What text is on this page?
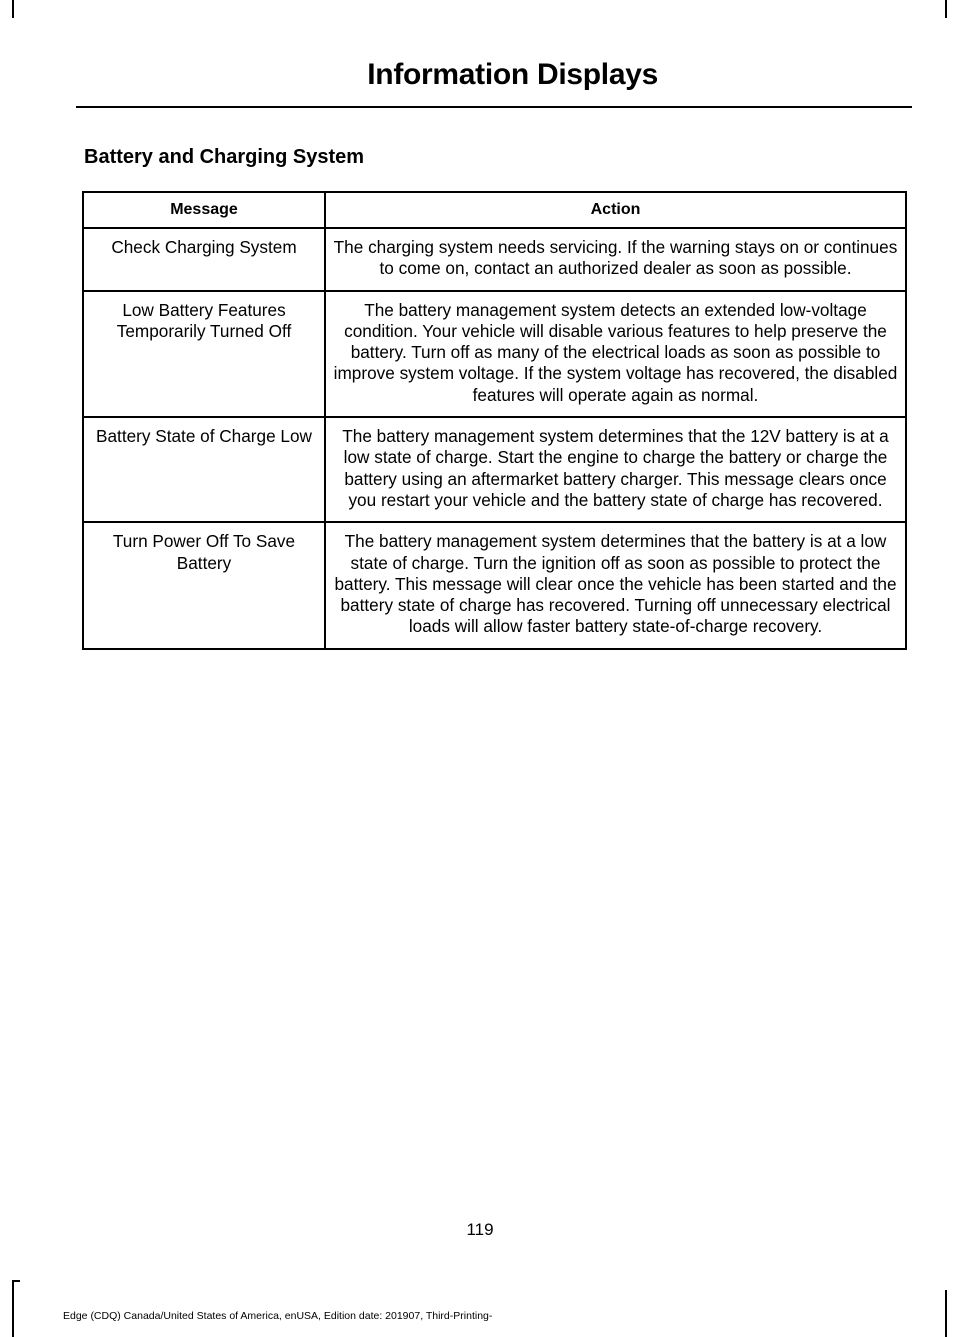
Information Displays
Battery and Charging System
Message	Action
Check Charging System	The charging system needs servicing. If the warning stays on or continues to come on, contact an authorized dealer as soon as possible.
Low Battery Features Temporarily Turned Off	The battery management system detects an extended low-voltage condition. Your vehicle will disable various features to help preserve the battery. Turn off as many of the electrical loads as soon as possible to improve system voltage. If the system voltage has recovered, the disabled features will operate again as normal.
Battery State of Charge Low	The battery management system determines that the 12V battery is at a low state of charge. Start the engine to charge the battery or charge the battery using an aftermarket battery charger. This message clears once you restart your vehicle and the battery state of charge has recovered.
Turn Power Off To Save Battery	The battery management system determines that the battery is at a low state of charge. Turn the ignition off as soon as possible to protect the battery. This message will clear once the vehicle has been started and the battery state of charge has recovered. Turning off unnecessary electrical loads will allow faster battery state-of-charge recovery.
119
Edge (CDQ) Canada/United States of America, enUSA, Edition date: 201907, Third-Printing-
